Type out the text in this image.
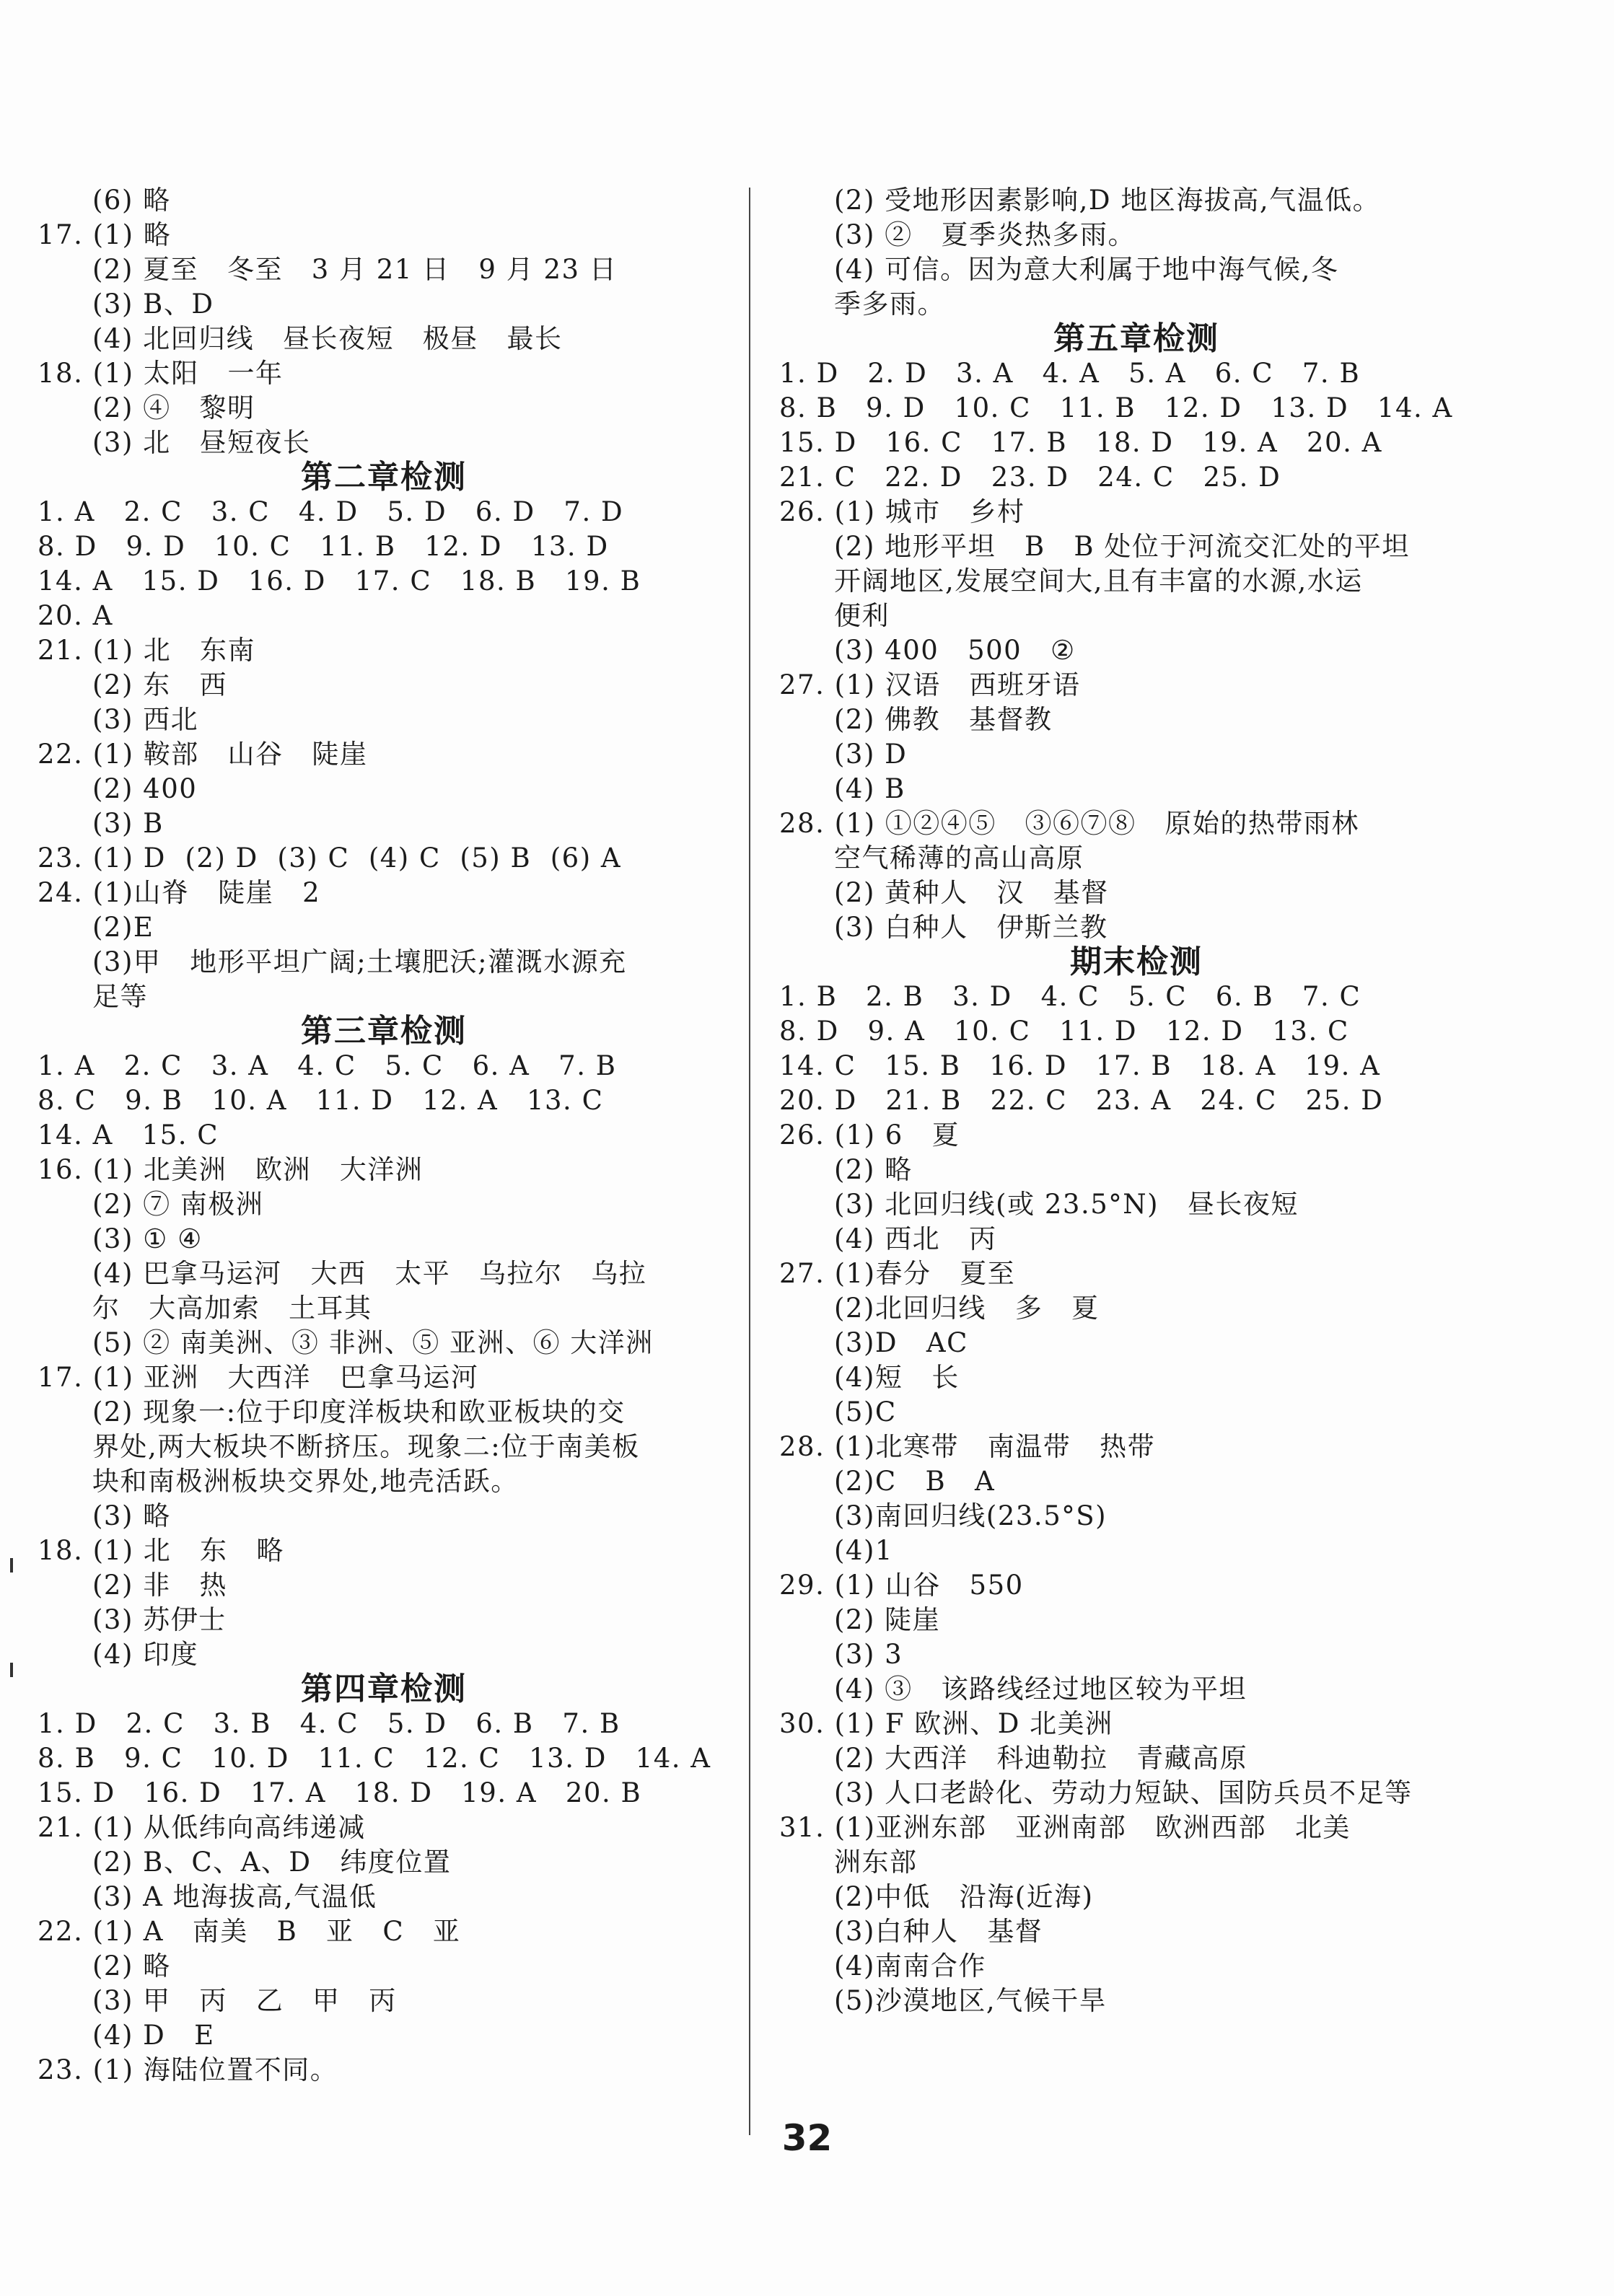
(6) 略
17. (1) 略
(2) 夏至   冬至   3 月 21 日   9 月 23 日
(3) B、D
(4) 北回归线   昼长夜短   极昼   最长
18. (1) 太阳   一年
(2) ④   黎明
(3) 北   昼短夜长
第二章检测
1. A   2. C   3. C   4. D   5. D   6. D   7. D
8. D   9. D   10. C   11. B   12. D   13. D
14. A   15. D   16. D   17. C   18. B   19. B
20. A
21. (1) 北   东南
(2) 东   西
(3) 西北
22. (1) 鞍部   山谷   陡崖
(2) 400
(3) B
23. (1) D  (2) D  (3) C  (4) C  (5) B  (6) A
24. (1)山脊   陡崖   2
(2)E
(3)甲   地形平坦广阔;土壤肥沃;灌溉水源充
足等
第三章检测
1. A   2. C   3. A   4. C   5. C   6. A   7. B
8. C   9. B   10. A   11. D   12. A   13. C
14. A   15. C
16. (1) 北美洲   欧洲   大洋洲
(2) ⑦ 南极洲
(3) ① ④
(4) 巴拿马运河   大西   太平   乌拉尔   乌拉
尔   大高加索   土耳其
(5) ② 南美洲、③ 非洲、⑤ 亚洲、⑥ 大洋洲
17. (1) 亚洲   大西洋   巴拿马运河
(2) 现象一:位于印度洋板块和欧亚板块的交
界处,两大板块不断挤压。现象二:位于南美板
块和南极洲板块交界处,地壳活跃。
(3) 略
18. (1) 北   东   略
(2) 非   热
(3) 苏伊士
(4) 印度
第四章检测
1. D   2. C   3. B   4. C   5. D   6. B   7. B
8. B   9. C   10. D   11. C   12. C   13. D   14. A
15. D   16. D   17. A   18. D   19. A   20. B
21. (1) 从低纬向高纬递减
(2) B、C、A、D   纬度位置
(3) A 地海拔高,气温低
22. (1) A   南美   B   亚   C   亚
(2) 略
(3) 甲   丙   乙   甲   丙
(4) D   E
23. (1) 海陆位置不同。
(2) 受地形因素影响,D 地区海拔高,气温低。
(3) ②   夏季炎热多雨。
(4) 可信。因为意大利属于地中海气候,冬
季多雨。
第五章检测
1. D   2. D   3. A   4. A   5. A   6. C   7. B
8. B   9. D   10. C   11. B   12. D   13. D   14. A
15. D   16. C   17. B   18. D   19. A   20. A
21. C   22. D   23. D   24. C   25. D
26. (1) 城市   乡村
(2) 地形平坦   B   B 处位于河流交汇处的平坦
开阔地区,发展空间大,且有丰富的水源,水运
便利
(3) 400   500   ②
27. (1) 汉语   西班牙语
(2) 佛教   基督教
(3) D
(4) B
28. (1) ①②④⑤   ③⑥⑦⑧   原始的热带雨林
空气稀薄的高山高原
(2) 黄种人   汉   基督
(3) 白种人   伊斯兰教
期末检测
1. B   2. B   3. D   4. C   5. C   6. B   7. C
8. D   9. A   10. C   11. D   12. D   13. C
14. C   15. B   16. D   17. B   18. A   19. A
20. D   21. B   22. C   23. A   24. C   25. D
26. (1) 6   夏
(2) 略
(3) 北回归线(或 23.5°N)   昼长夜短
(4) 西北   丙
27. (1)春分   夏至
(2)北回归线   多   夏
(3)D   AC
(4)短   长
(5)C
28. (1)北寒带   南温带   热带
(2)C   B   A
(3)南回归线(23.5°S)
(4)1
29. (1) 山谷   550
(2) 陡崖
(3) 3
(4) ③   该路线经过地区较为平坦
30. (1) F 欧洲、D 北美洲
(2) 大西洋   科迪勒拉   青藏高原
(3) 人口老龄化、劳动力短缺、国防兵员不足等
31. (1)亚洲东部   亚洲南部   欧洲西部   北美
洲东部
(2)中低   沿海(近海)
(3)白种人   基督
(4)南南合作
(5)沙漠地区,气候干旱
32
